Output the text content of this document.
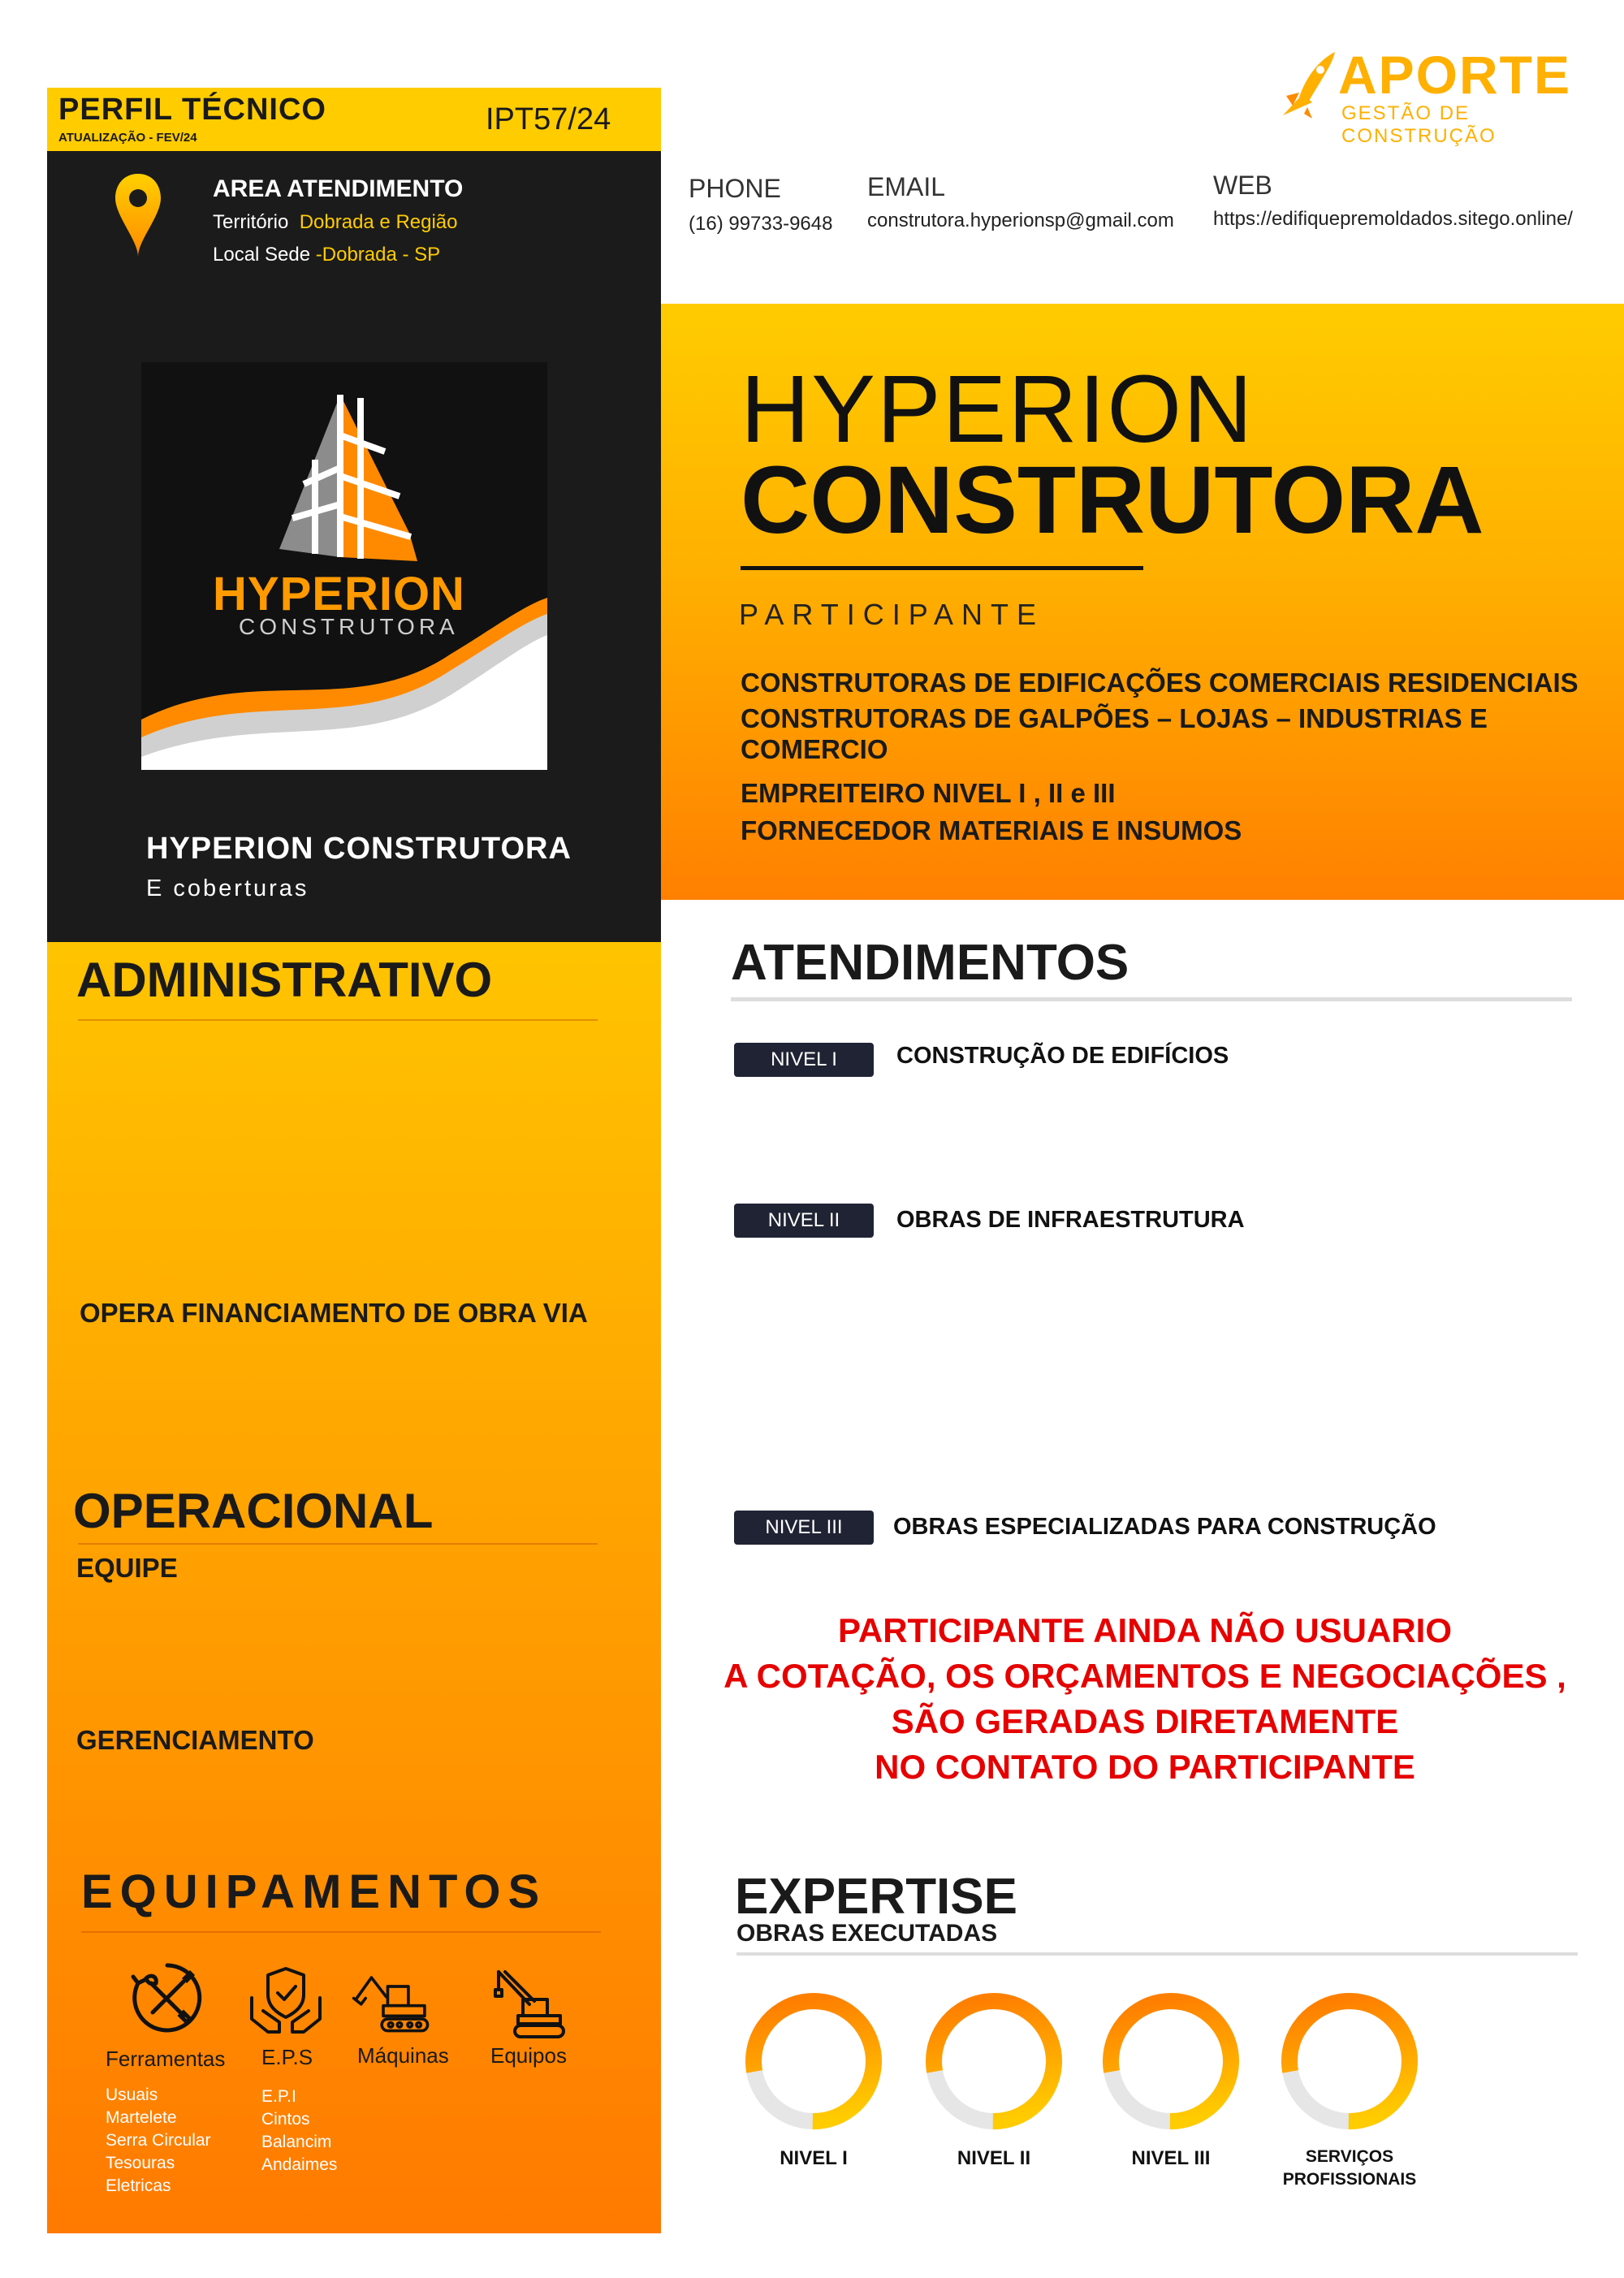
PERFIL TÉCNICO
ATUALIZAÇÃO - FEV/24
IPT57/24
AREA ATENDIMENTO
Território Dobrada e Região
Local Sede -Dobrada - SP
PHONE
(16) 99733-9648
EMAIL
construtora.hyperionsp@gmail.com
WEB
https://edifiquepremoldados.sitego.online/
APORTE
GESTÃO DE CONSTRUÇÃO
HYPERION
CONSTRUTORA
HYPERION CONSTRUTORA
E coberturas
HYPERION
CONSTRUTORA
PARTICIPANTE
CONSTRUTORAS DE EDIFICAÇÕES COMERCIAIS RESIDENCIAIS
CONSTRUTORAS DE GALPÕES – LOJAS – INDUSTRIAS E COMERCIO
EMPREITEIRO NIVEL I , II e III
FORNECEDOR MATERIAIS E INSUMOS
ADMINISTRATIVO
OPERA FINANCIAMENTO DE OBRA VIA
OPERACIONAL
EQUIPE
GERENCIAMENTO
EQUIPAMENTOS
Ferramentas
Usuais
Martelete
Serra Circular
Tesouras
Eletricas
E.P.S
E.P.I
Cintos
Balancim
Andaimes
Máquinas Equipos
ATENDIMENTOS
NIVEL I	CONSTRUÇÃO DE EDIFÍCIOS
NIVEL II	OBRAS DE INFRAESTRUTURA
NIVEL III	OBRAS ESPECIALIZADAS PARA CONSTRUÇÃO
PARTICIPANTE AINDA NÃO USUARIO
A COTAÇÃO, OS ORÇAMENTOS E NEGOCIAÇÕES ,
SÃO GERADAS DIRETAMENTE
NO CONTATO DO PARTICIPANTE
EXPERTISE
OBRAS EXECUTADAS
NIVEL I	NIVEL II	NIVEL III	SERVIÇOS
PROFISSIONAIS
